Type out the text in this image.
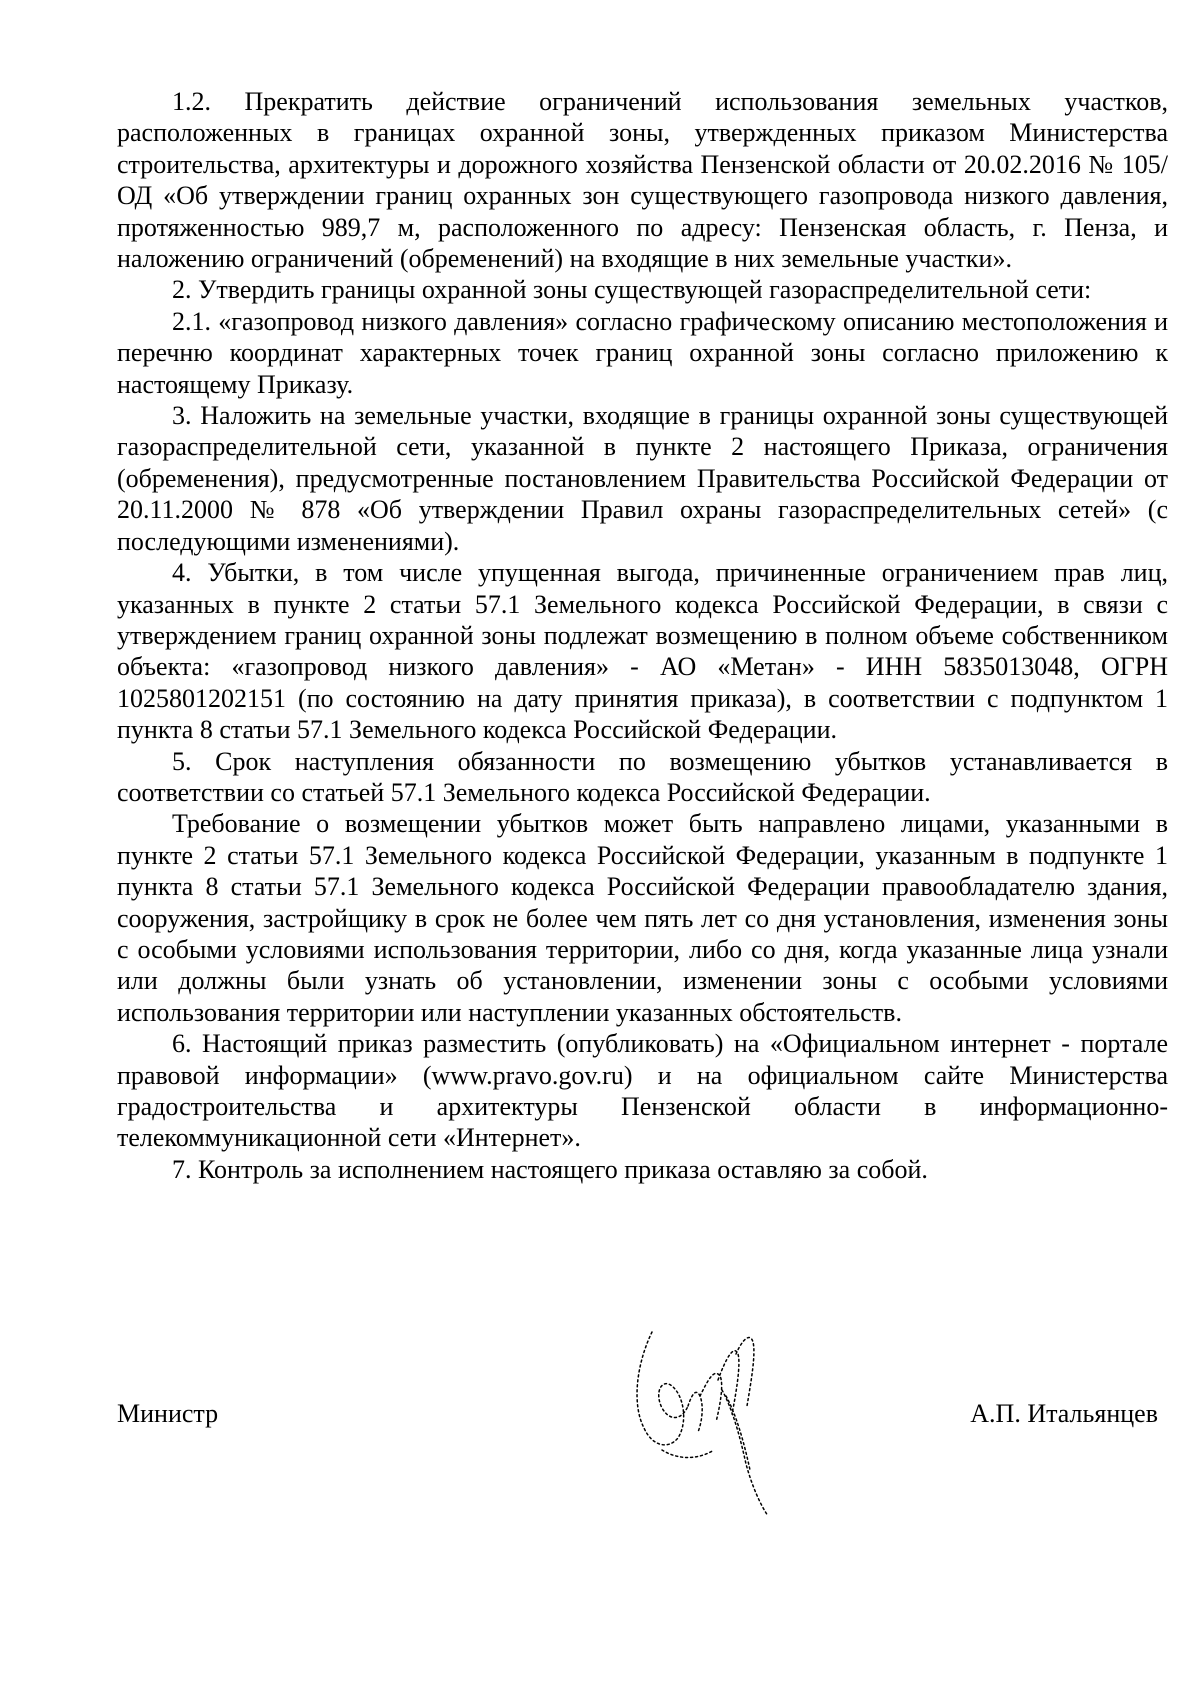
1.2. Прекратить действие ограничений использования земельных участков, расположенных в границах охранной зоны, утвержденных приказом Министерства строительства, архитектуры и дорожного хозяйства Пензенской области от 20.02.2016 № 105/ОД «Об утверждении границ охранных зон существующего газопровода низкого давления, протяженностью 989,7 м, расположенного по адресу: Пензенская область, г. Пенза, и наложению ограничений (обременений) на входящие в них земельные участки».

2. Утвердить границы охранной зоны существующей газораспределительной сети:

2.1. «газопровод низкого давления» согласно графическому описанию местоположения и перечню координат характерных точек границ охранной зоны согласно приложению к настоящему Приказу.

3. Наложить на земельные участки, входящие в границы охранной зоны существующей газораспределительной сети, указанной в пункте 2 настоящего Приказа, ограничения (обременения), предусмотренные постановлением Правительства Российской Федерации от 20.11.2000 № 878 «Об утверждении Правил охраны газораспределительных сетей» (с последующими изменениями).

4. Убытки, в том числе упущенная выгода, причиненные ограничением прав лиц, указанных в пункте 2 статьи 57.1 Земельного кодекса Российской Федерации, в связи с утверждением границ охранной зоны подлежат возмещению в полном объеме собственником объекта: «газопровод низкого давления» - АО «Метан» - ИНН 5835013048, ОГРН 1025801202151 (по состоянию на дату принятия приказа), в соответствии с подпунктом 1 пункта 8 статьи 57.1 Земельного кодекса Российской Федерации.

5. Срок наступления обязанности по возмещению убытков устанавливается в соответствии со статьей 57.1 Земельного кодекса Российской Федерации.

Требование о возмещении убытков может быть направлено лицами, указанными в пункте 2 статьи 57.1 Земельного кодекса Российской Федерации, указанным в подпункте 1 пункта 8 статьи 57.1 Земельного кодекса Российской Федерации правообладателю здания, сооружения, застройщику в срок не более чем пять лет со дня установления, изменения зоны с особыми условиями использования территории, либо со дня, когда указанные лица узнали или должны были узнать об установлении, изменении зоны с особыми условиями использования территории или наступлении указанных обстоятельств.

6. Настоящий приказ разместить (опубликовать) на «Официальном интернет - портале правовой информации» (www.pravo.gov.ru) и на официальном сайте Министерства градостроительства и архитектуры Пензенской области в информационно-телекоммуникационной сети «Интернет».

7. Контроль за исполнением настоящего приказа оставляю за собой.

Министр	А.П. Итальянцев
